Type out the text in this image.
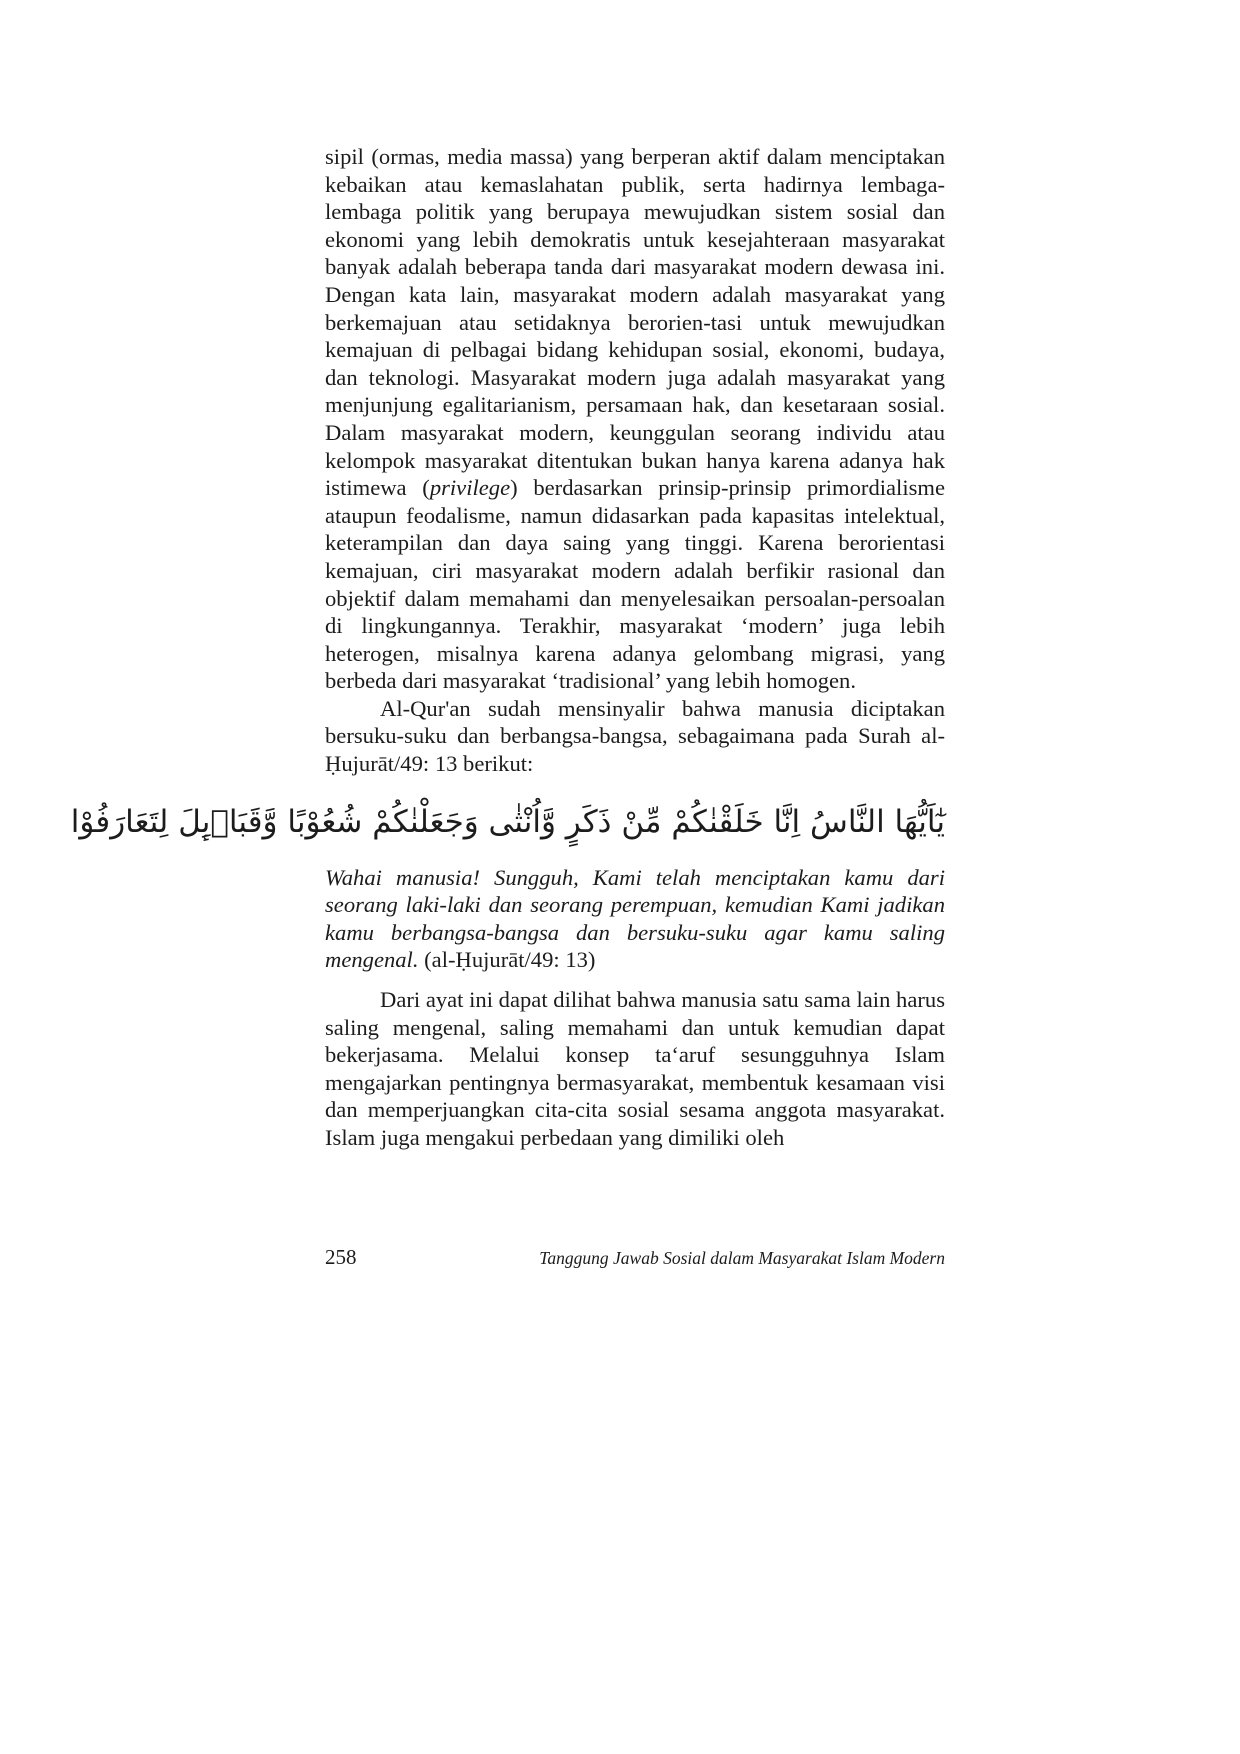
sipil (ormas, media massa) yang berperan aktif dalam menciptakan kebaikan atau kemaslahatan publik, serta hadirnya lembaga-lembaga politik yang berupaya mewujudkan sistem sosial dan ekonomi yang lebih demokratis untuk kesejahteraan masyarakat banyak adalah beberapa tanda dari masyarakat modern dewasa ini. Dengan kata lain, masyarakat modern adalah masyarakat yang berkemajuan atau setidaknya berorien-tasi untuk mewujudkan kemajuan di pelbagai bidang kehidupan sosial, ekonomi, budaya, dan teknologi. Masyarakat modern juga adalah masyarakat yang menjunjung egalitarianism, persamaan hak, dan kesetaraan sosial. Dalam masyarakat modern, keunggulan seorang individu atau kelompok masyarakat ditentukan bukan hanya karena adanya hak istimewa (privilege) berdasarkan prinsip-prinsip primordialisme ataupun feodalisme, namun didasarkan pada kapasitas intelektual, keterampilan dan daya saing yang tinggi. Karena berorientasi kemajuan, ciri masyarakat modern adalah berfikir rasional dan objektif dalam memahami dan menyelesaikan persoalan-persoalan di lingkungannya. Terakhir, masyarakat ‘modern’ juga lebih heterogen, misalnya karena adanya gelombang migrasi, yang berbeda dari masyarakat ‘tradisional’ yang lebih homogen.

Al-Qur'an sudah mensinyalir bahwa manusia diciptakan bersuku-suku dan berbangsa-bangsa, sebagaimana pada Surah al-Ḥujurāt/49: 13 berikut:

يٰٓاَيُّهَا النَّاسُ اِنَّا خَلَقْنٰكُمْ مِّنْ ذَكَرٍ وَّاُنْثٰى وَجَعَلْنٰكُمْ شُعُوْبًا وَّقَبَاۤىِٕلَ لِتَعَارَفُوْا

Wahai manusia! Sungguh, Kami telah menciptakan kamu dari seorang laki-laki dan seorang perempuan, kemudian Kami jadikan kamu berbangsa-bangsa dan bersuku-suku agar kamu saling mengenal. (al-Ḥujurāt/49: 13)

Dari ayat ini dapat dilihat bahwa manusia satu sama lain harus saling mengenal, saling memahami dan untuk kemudian dapat bekerjasama. Melalui konsep ta‘aruf sesungguhnya Islam mengajarkan pentingnya bermasyarakat, membentuk kesamaan visi dan memperjuangkan cita-cita sosial sesama anggota masyarakat. Islam juga mengakui perbedaan yang dimiliki oleh

258	Tanggung Jawab Sosial dalam Masyarakat Islam Modern
